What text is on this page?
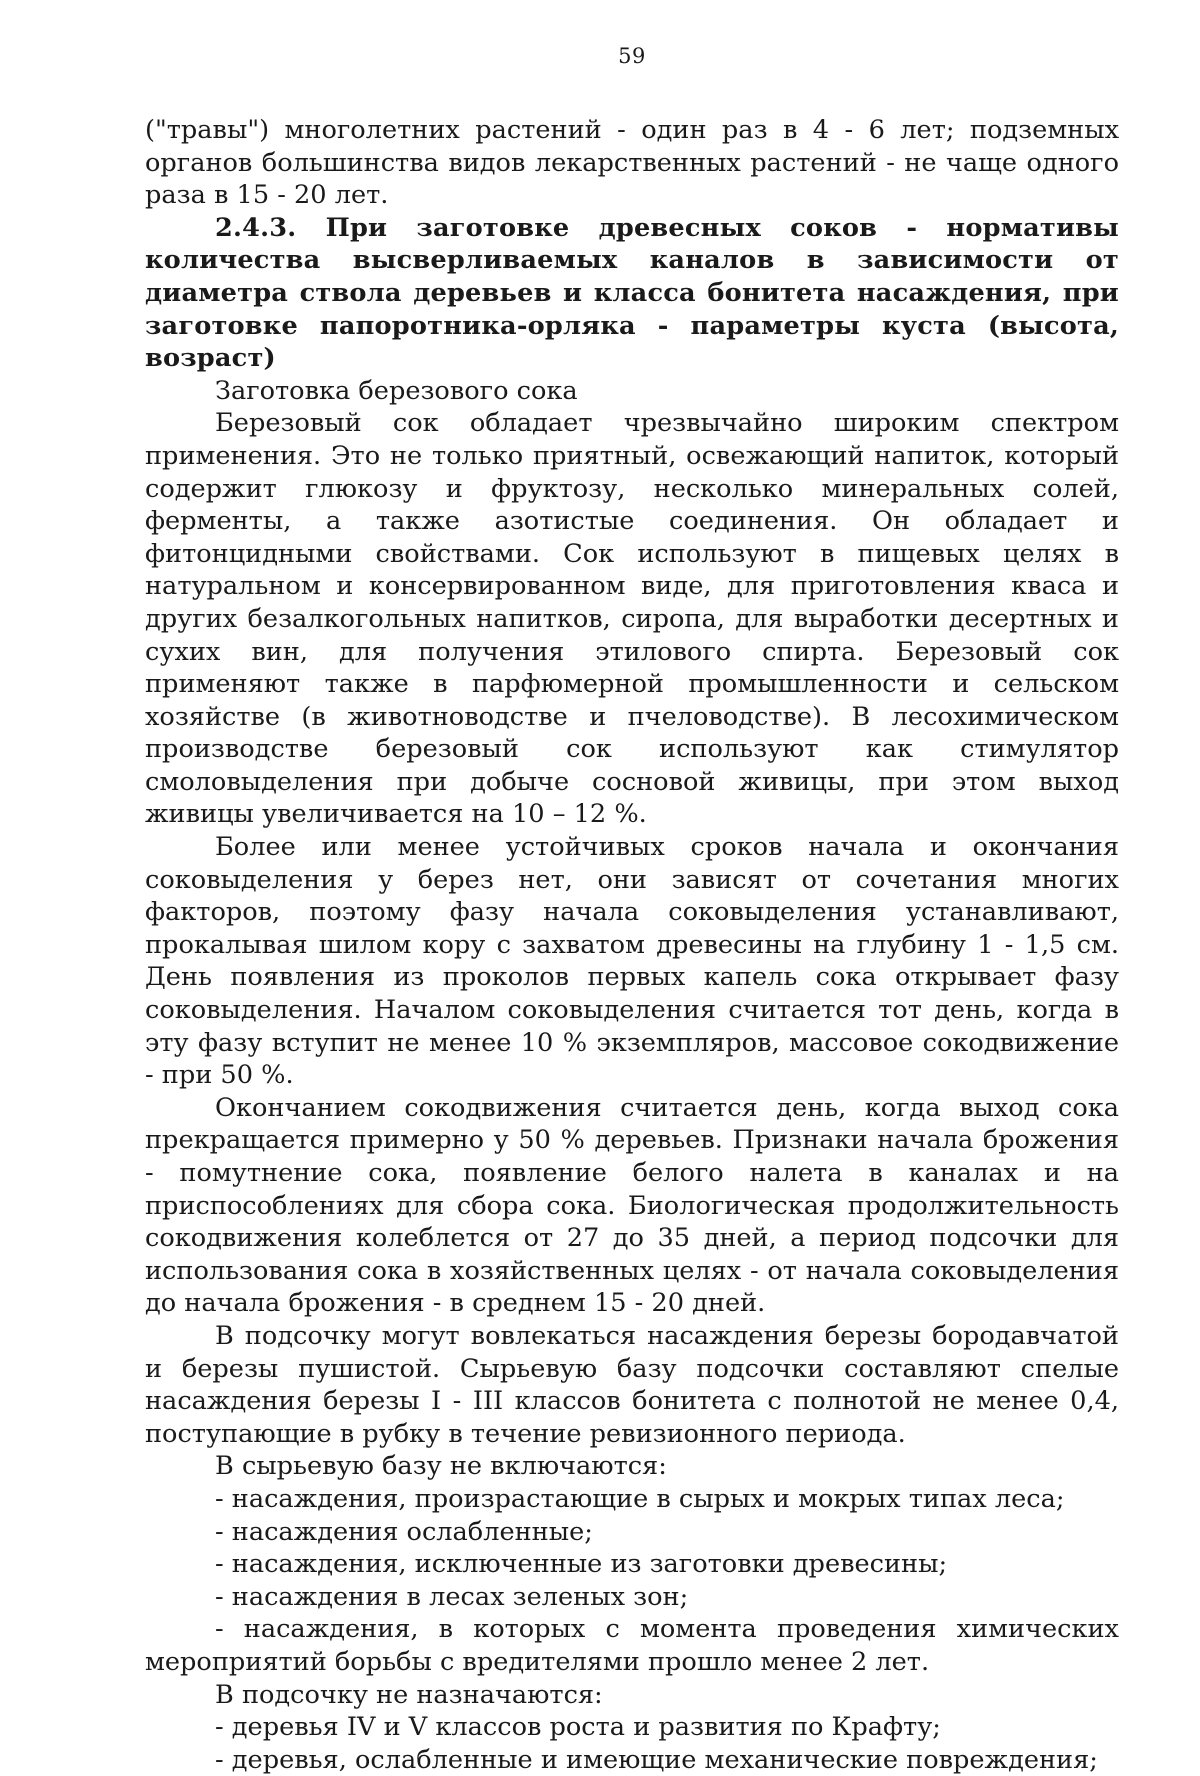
59

("травы") многолетних растений - один раз в 4 - 6 лет; подземных органов большинства видов лекарственных растений - не чаще одного раза в 15 - 20 лет.

2.4.3. При заготовке древесных соков - нормативы количества высверливаемых каналов в зависимости от диаметра ствола деревьев и класса бонитета насаждения, при заготовке папоротника-орляка - параметры куста (высота, возраст)

Заготовка березового сока

Березовый сок обладает чрезвычайно широким спектром применения. Это не только приятный, освежающий напиток, который содержит глюкозу и фруктозу, несколько минеральных солей, ферменты, а также азотистые соединения. Он обладает и фитонцидными свойствами. Сок используют в пищевых целях в натуральном и консервированном виде, для приготовления кваса и других безалкогольных напитков, сиропа, для выработки десертных и сухих вин, для получения этилового спирта. Березовый сок применяют также в парфюмерной промышленности и сельском хозяйстве (в животноводстве и пчеловодстве). В лесохимическом производстве березовый сок используют как стимулятор смоловыделения при добыче сосновой живицы, при этом выход живицы увеличивается на 10 – 12 %.

Более или менее устойчивых сроков начала и окончания соковыделения у берез нет, они зависят от сочетания многих факторов, поэтому фазу начала соковыделения устанавливают, прокалывая шилом кору с захватом древесины на глубину 1 - 1,5 см. День появления из проколов первых капель сока открывает фазу соковыделения. Началом соковыделения считается тот день, когда в эту фазу вступит не менее 10 % экземпляров, массовое сокодвижение - при 50 %.

Окончанием сокодвижения считается день, когда выход сока прекращается примерно у 50 % деревьев. Признаки начала брожения - помутнение сока, появление белого налета в каналах и на приспособлениях для сбора сока. Биологическая продолжительность сокодвижения колеблется от 27 до 35 дней, а период подсочки для использования сока в хозяйственных целях - от начала соковыделения до начала брожения - в среднем 15 - 20 дней.

В подсочку могут вовлекаться насаждения березы бородавчатой и березы пушистой. Сырьевую базу подсочки составляют спелые насаждения березы I - III классов бонитета с полнотой не менее 0,4, поступающие в рубку в течение ревизионного периода.

В сырьевую базу не включаются:

- насаждения, произрастающие в сырых и мокрых типах леса;

- насаждения ослабленные;

- насаждения, исключенные из заготовки древесины;

- насаждения в лесах зеленых зон;

- насаждения, в которых с момента проведения химических мероприятий борьбы с вредителями прошло менее 2 лет.

В подсочку не назначаются:

- деревья IV и V классов роста и развития по Крафту;

- деревья, ослабленные и имеющие механические повреждения;
